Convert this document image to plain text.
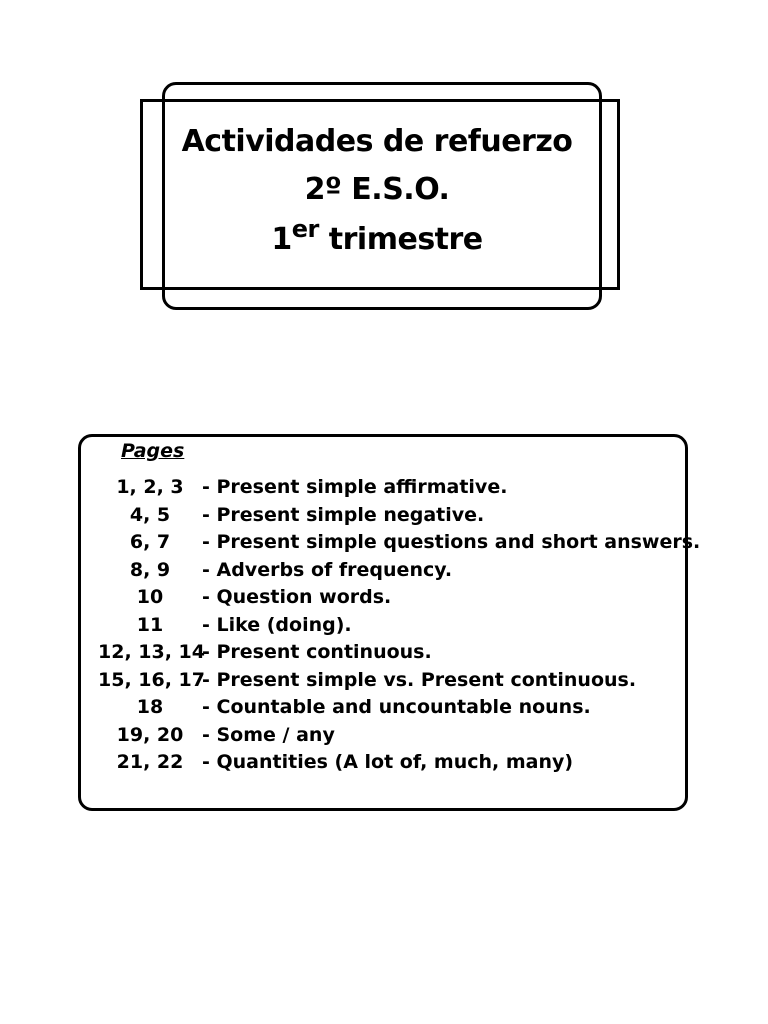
Actividades de refuerzo
2º E.S.O.
1er trimestre
Pages
1, 2, 3 - Present simple affirmative.
4, 5 - Present simple negative.
6, 7 - Present simple questions and short answers.
8, 9 - Adverbs of frequency.
10 - Question words.
11 - Like (doing).
12, 13, 14- Present continuous.
15, 16, 17- Present simple vs. Present continuous.
18 - Countable and uncountable nouns.
19, 20 - Some / any
21, 22 - Quantities (A lot of, much, many)
